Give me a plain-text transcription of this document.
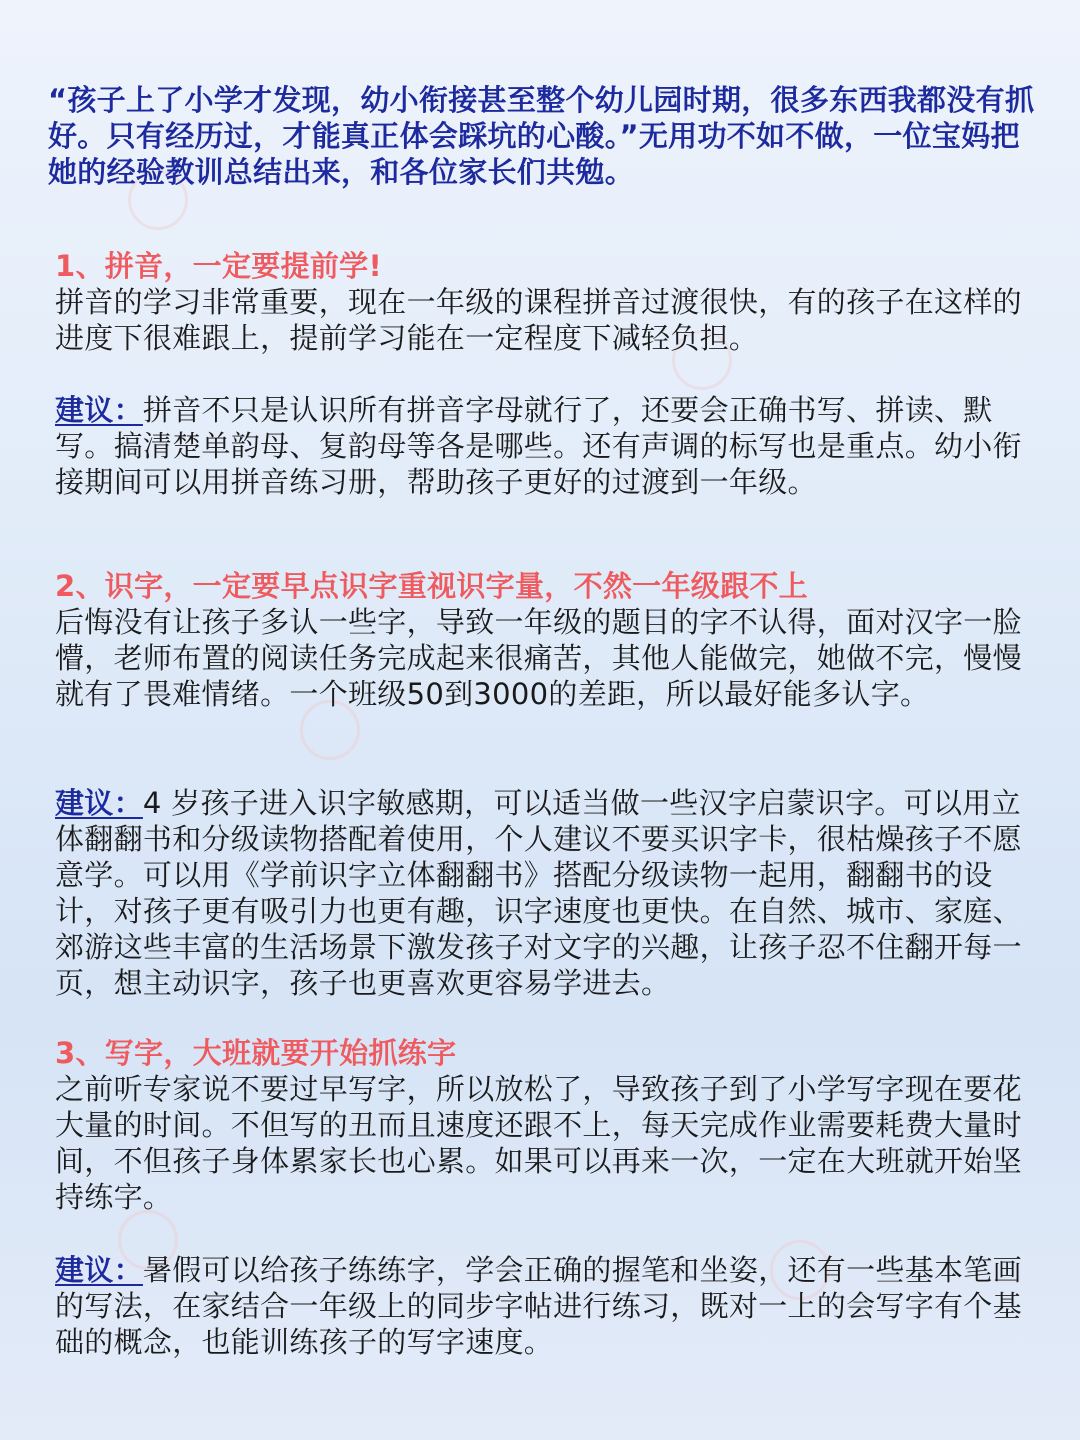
“孩子上了小学才发现，幼小衔接甚至整个幼儿园时期，很多东西我都没有抓好。只有经历过，才能真正体会踩坑的心酸。”无用功不如不做，一位宝妈把她的经验教训总结出来，和各位家长们共勉。
1、拼音，一定要提前学!
拼音的学习非常重要，现在一年级的课程拼音过渡很快，有的孩子在这样的进度下很难跟上，提前学习能在一定程度下减轻负担。
建议：拼音不只是认识所有拼音字母就行了，还要会正确书写、拼读、默写。搞清楚单韵母、复韵母等各是哪些。还有声调的标写也是重点。幼小衔接期间可以用拼音练习册，帮助孩子更好的过渡到一年级。
2、识字，一定要早点识字重视识字量，不然一年级跟不上
后悔没有让孩子多认一些字，导致一年级的题目的字不认得，面对汉字一脸懵，老师布置的阅读任务完成起来很痛苦，其他人能做完，她做不完，慢慢就有了畏难情绪。一个班级50到3000的差距，所以最好能多认字。
建议：4 岁孩子进入识字敏感期，可以适当做一些汉字启蒙识字。可以用立体翻翻书和分级读物搭配着使用，个人建议不要买识字卡，很枯燥孩子不愿意学。可以用《学前识字立体翻翻书》搭配分级读物一起用，翻翻书的设计，对孩子更有吸引力也更有趣，识字速度也更快。在自然、城市、家庭、郊游这些丰富的生活场景下激发孩子对文字的兴趣，让孩子忍不住翻开每一页，想主动识字，孩子也更喜欢更容易学进去。
3、写字，大班就要开始抓练字
之前听专家说不要过早写字，所以放松了，导致孩子到了小学写字现在要花大量的时间。不但写的丑而且速度还跟不上，每天完成作业需要耗费大量时间，不但孩子身体累家长也心累。如果可以再来一次，一定在大班就开始坚持练字。
建议：暑假可以给孩子练练字，学会正确的握笔和坐姿，还有一些基本笔画的写法，在家结合一年级上的同步字帖进行练习，既对一上的会写字有个基础的概念，也能训练孩子的写字速度。
